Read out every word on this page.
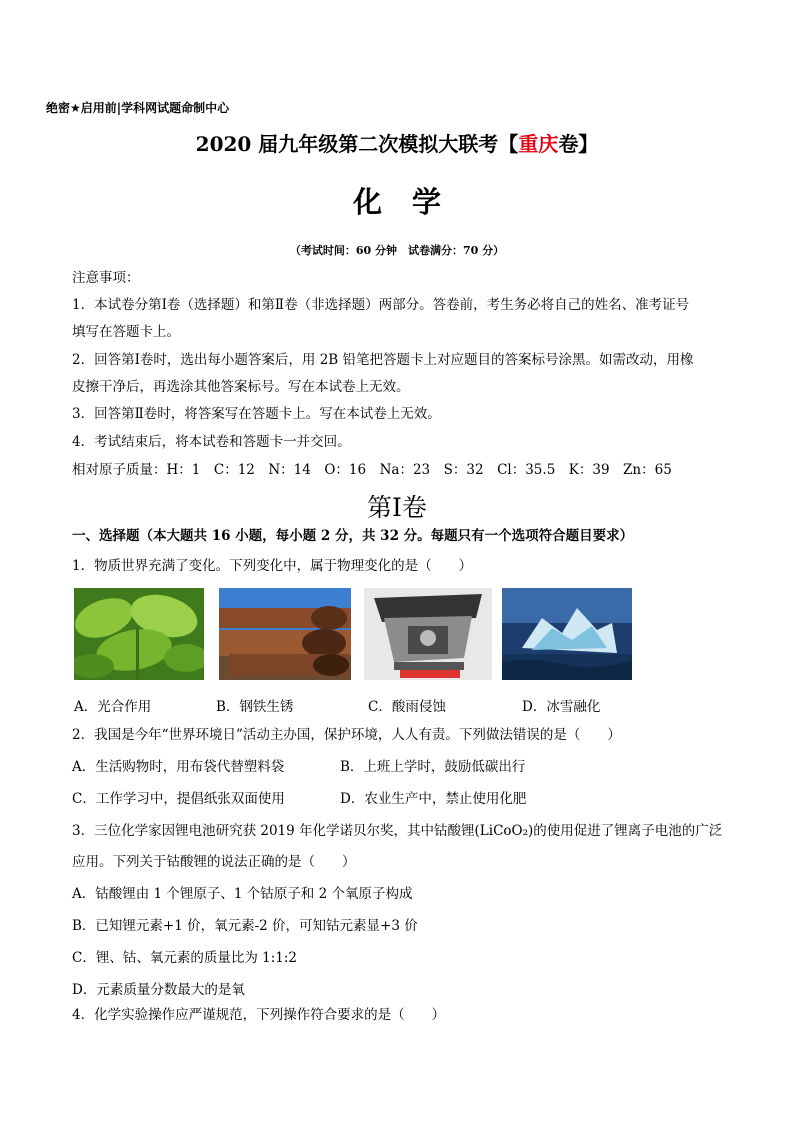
绝密★启用前|学科网试题命制中心
2020 届九年级第二次模拟大联考【重庆卷】
化学
（考试时间：60 分钟　试卷满分：70 分）
注意事项：
1．本试卷分第Ⅰ卷（选择题）和第Ⅱ卷（非选择题）两部分。答卷前，考生务必将自己的姓名、准考证号
填写在答题卡上。
2．回答第Ⅰ卷时，选出每小题答案后，用 2B 铅笔把答题卡上对应题目的答案标号涂黑。如需改动，用橡
皮擦干净后，再选涂其他答案标号。写在本试卷上无效。
3．回答第Ⅱ卷时，将答案写在答题卡上。写在本试卷上无效。
4．考试结束后，将本试卷和答题卡一并交回。
相对原子质量：H：1　C：12　N：14　O：16　Na：23　S：32　Cl：35.5　K：39　Zn：65
第Ⅰ卷
一、选择题（本大题共 16 小题，每小题 2 分，共 32 分。每题只有一个选项符合题目要求）
1．物质世界充满了变化。下列变化中，属于物理变化的是（　　）
A．光合作用	B．钢铁生锈	C．酸雨侵蚀	D．冰雪融化
2．我国是今年“世界环境日”活动主办国，保护环境，人人有责。下列做法错误的是（　　）
A．生活购物时，用布袋代替塑料袋	B．上班上学时，鼓励低碳出行
C．工作学习中，提倡纸张双面使用	D．农业生产中，禁止使用化肥
3．三位化学家因锂电池研究获 2019 年化学诺贝尔奖，其中钴酸锂(LiCoO₂)的使用促进了锂离子电池的广泛
应用。下列关于钴酸锂的说法正确的是（　　）
A．钴酸锂由 1 个锂原子、1 个钴原子和 2 个氧原子构成
B．已知锂元素+1 价，氧元素-2 价，可知钴元素显+3 价
C．锂、钴、氧元素的质量比为 1:1:2
D．元素质量分数最大的是氧
4．化学实验操作应严谨规范，下列操作符合要求的是（　　）
